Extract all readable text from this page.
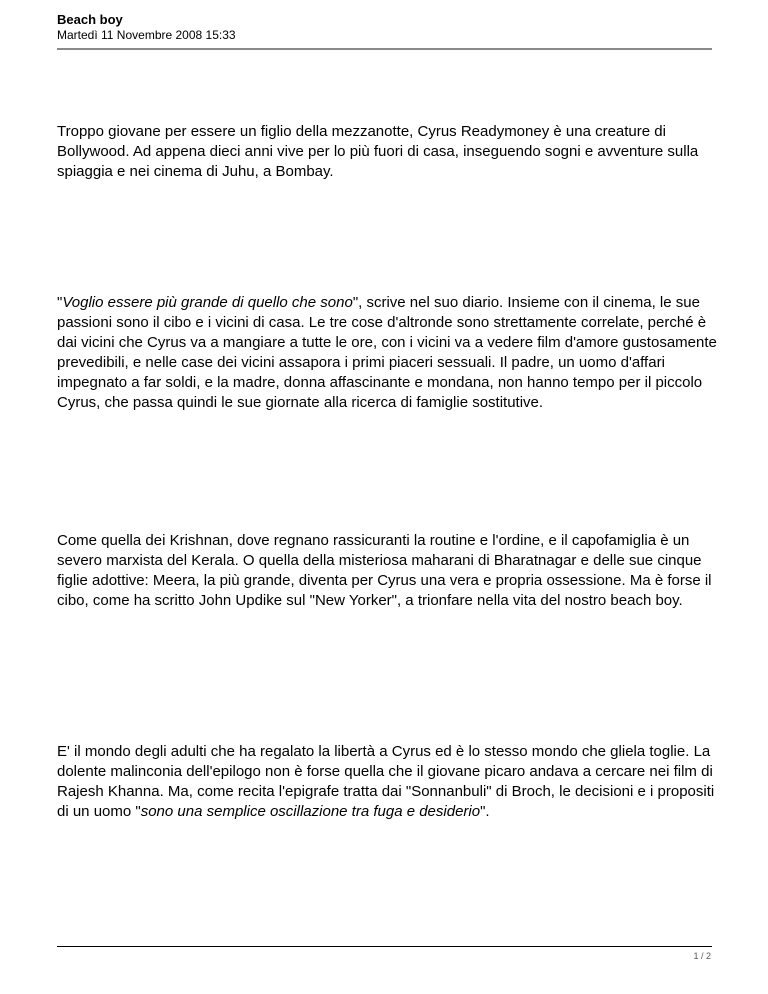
Beach boy

Martedì 11 Novembre 2008 15:33

Troppo giovane per essere un figlio della mezzanotte, Cyrus Readymoney è una creature di Bollywood. Ad appena dieci anni vive per lo più fuori di casa, inseguendo sogni e avventure sulla spiaggia e nei cinema di Juhu, a Bombay.

"Voglio essere più grande di quello che sono", scrive nel suo diario. Insieme con il cinema, le sue passioni sono il cibo e i vicini di casa. Le tre cose d'altronde sono strettamente correlate, perché è dai vicini che Cyrus va a mangiare a tutte le ore, con i vicini va a vedere film d'amore gustosamente prevedibili, e nelle case dei vicini assapora i primi piaceri sessuali. Il padre, un uomo d'affari impegnato a far soldi, e la madre, donna affascinante e mondana, non hanno tempo per il piccolo Cyrus, che passa quindi le sue giornate alla ricerca di famiglie sostitutive.

Come quella dei Krishnan, dove regnano rassicuranti la routine e l'ordine, e il capofamiglia è un severo marxista del Kerala. O quella della misteriosa maharani di Bharatnagar e delle sue cinque figlie adottive: Meera, la più grande, diventa per Cyrus una vera e propria ossessione. Ma è forse il cibo, come ha scritto John Updike sul "New Yorker", a trionfare nella vita del nostro beach boy.

E' il mondo degli adulti che ha regalato la libertà a Cyrus ed è lo stesso mondo che gliela toglie. La dolente malinconia dell'epilogo non è forse quella che il giovane picaro andava a cercare nei film di Rajesh Khanna. Ma, come recita l'epigrafe tratta dai "Sonnanbuli" di Broch, le decisioni e i propositi di un uomo "sono una semplice oscillazione tra fuga e desiderio".

1 / 2
